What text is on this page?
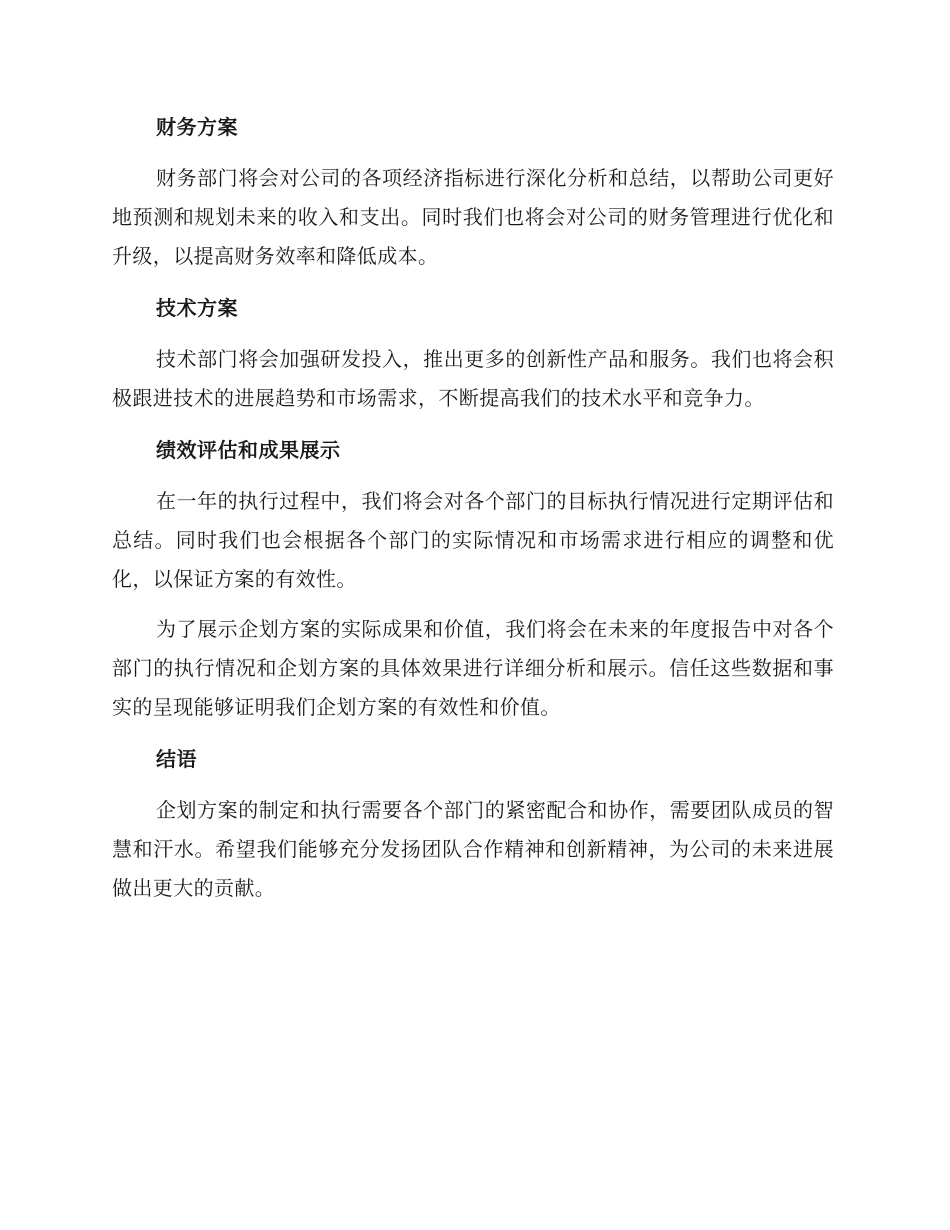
财务方案

财务部门将会对公司的各项经济指标进行深化分析和总结，以帮助公司更好地预测和规划未来的收入和支出。同时我们也将会对公司的财务管理进行优化和升级，以提高财务效率和降低成本。

技术方案

技术部门将会加强研发投入，推出更多的创新性产品和服务。我们也将会积极跟进技术的进展趋势和市场需求，不断提高我们的技术水平和竞争力。

绩效评估和成果展示

在一年的执行过程中，我们将会对各个部门的目标执行情况进行定期评估和总结。同时我们也会根据各个部门的实际情况和市场需求进行相应的调整和优化，以保证方案的有效性。

为了展示企划方案的实际成果和价值，我们将会在未来的年度报告中对各个部门的执行情况和企划方案的具体效果进行详细分析和展示。信任这些数据和事实的呈现能够证明我们企划方案的有效性和价值。

结语

企划方案的制定和执行需要各个部门的紧密配合和协作，需要团队成员的智慧和汗水。希望我们能够充分发扬团队合作精神和创新精神，为公司的未来进展做出更大的贡献。
